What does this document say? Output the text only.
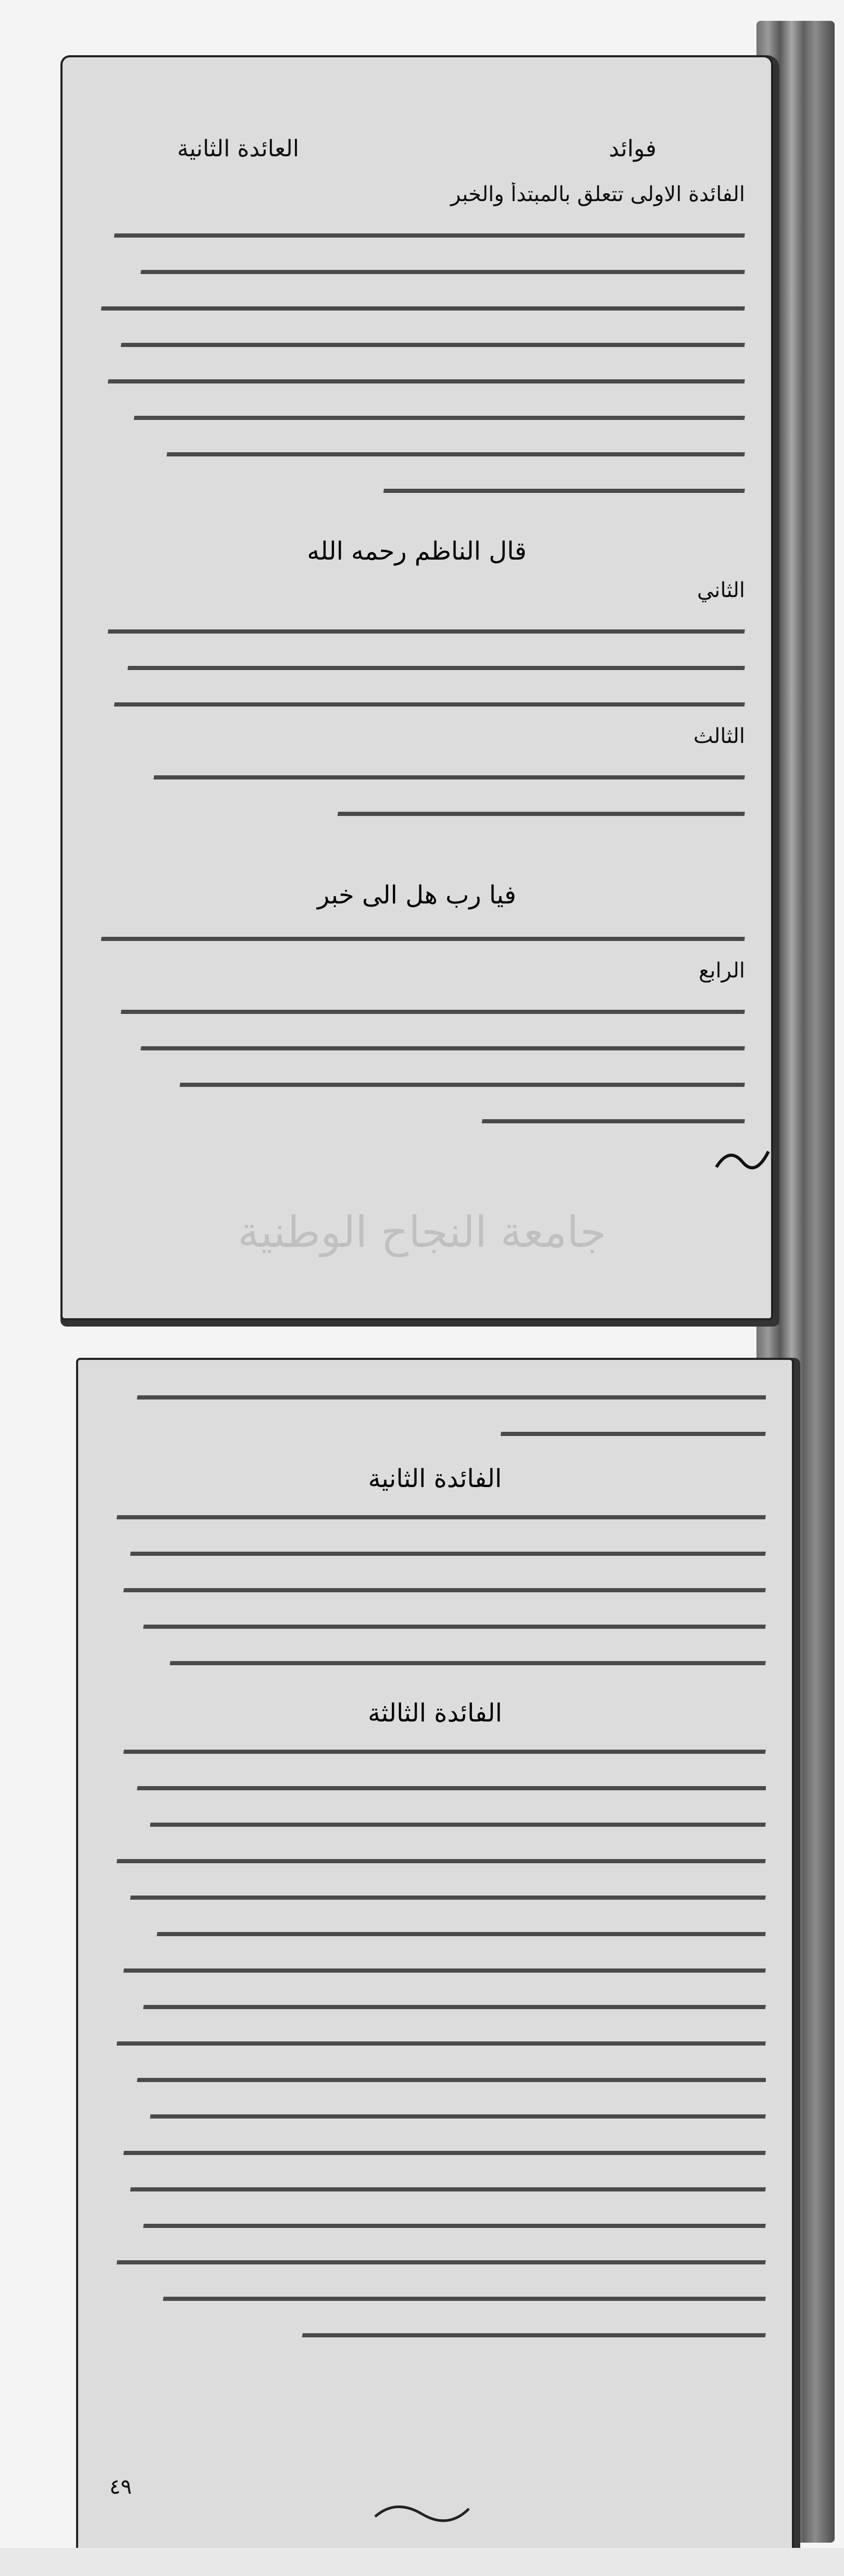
فوائد
العائدة الثانية
الفائدة الاولى تتعلق بالمبتدأ والخبر
قال الناظم رحمه الله
الثاني
الثالث
فيا رب هل الى خبر
الرابع
جامعة النجاح الوطنية
الفائدة الثانية
الفائدة الثالثة
٤٩
